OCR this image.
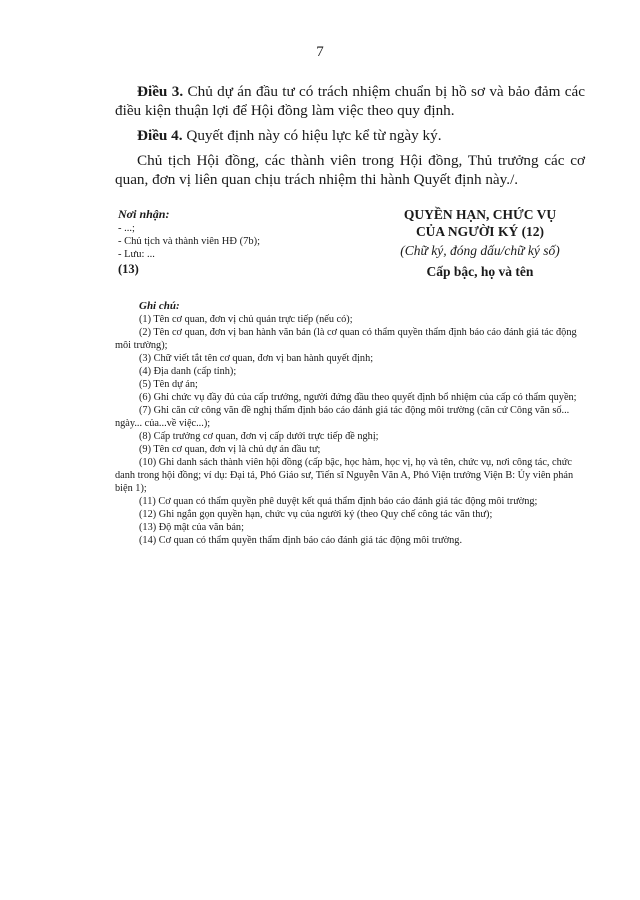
7

Điều 3. Chủ dự án đầu tư có trách nhiệm chuẩn bị hồ sơ và bảo đảm các điều kiện thuận lợi để Hội đồng làm việc theo quy định.

Điều 4. Quyết định này có hiệu lực kể từ ngày ký.

Chủ tịch Hội đồng, các thành viên trong Hội đồng, Thủ trưởng các cơ quan, đơn vị liên quan chịu trách nhiệm thi hành Quyết định này./.

Nơi nhận:
- ...;
- Chủ tịch và thành viên HĐ (7b);
- Lưu: ...
(13)
QUYỀN HẠN, CHỨC VỤ
CỦA NGƯỜI KÝ (12)
(Chữ ký, đóng dấu/chữ ký số)
Cấp bậc, họ và tên
Ghi chú:
(1) Tên cơ quan, đơn vị chủ quản trực tiếp (nếu có);
(2) Tên cơ quan, đơn vị ban hành văn bản (là cơ quan có thẩm quyền thẩm định báo cáo đánh giá tác động môi trường);
(3) Chữ viết tắt tên cơ quan, đơn vị ban hành quyết định;
(4) Địa danh (cấp tỉnh);
(5) Tên dự án;
(6) Ghi chức vụ đầy đủ của cấp trưởng, người đứng đầu theo quyết định bổ nhiệm của cấp có thẩm quyền;
(7) Ghi căn cứ công văn đề nghị thẩm định báo cáo đánh giá tác động môi trường (căn cứ Công văn số... ngày... của...về việc...);
(8) Cấp trưởng cơ quan, đơn vị cấp dưới trực tiếp đề nghị;
(9) Tên cơ quan, đơn vị là chủ dự án đầu tư;
(10) Ghi danh sách thành viên hội đồng (cấp bậc, học hàm, học vị, họ và tên, chức vụ, nơi công tác, chức danh trong hội đồng; ví dụ: Đại tá, Phó Giáo sư, Tiến sĩ Nguyễn Văn A, Phó Viện trưởng Viện B: Ủy viên phản biện 1);
(11) Cơ quan có thẩm quyền phê duyệt kết quả thẩm định báo cáo đánh giá tác động môi trường;
(12) Ghi ngắn gọn quyền hạn, chức vụ của người ký (theo Quy chế công tác văn thư);
(13) Độ mật của văn bản;
(14) Cơ quan có thẩm quyền thẩm định báo cáo đánh giá tác động môi trường.
